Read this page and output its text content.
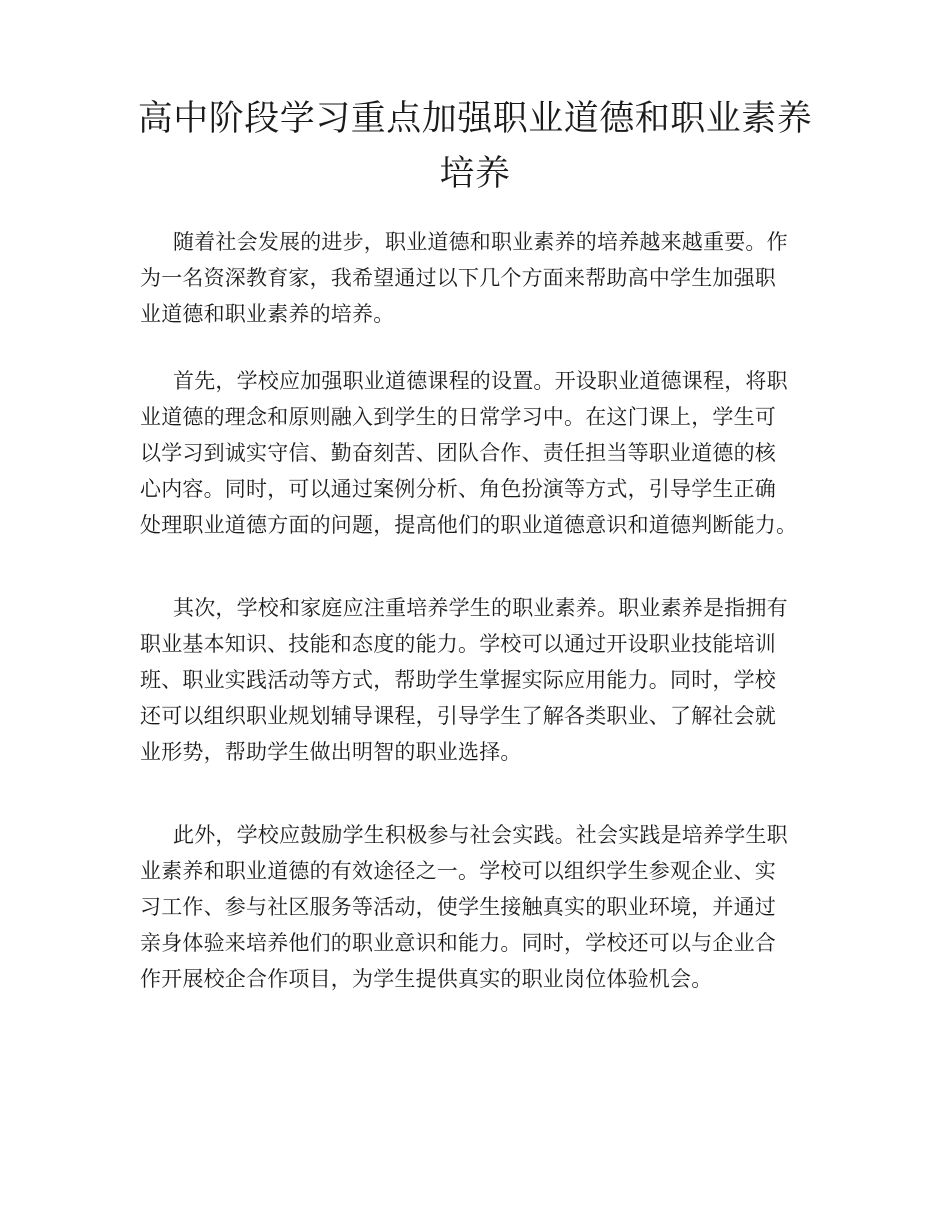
高中阶段学习重点加强职业道德和职业素养
培养
随着社会发展的进步，职业道德和职业素养的培养越来越重要。作
为一名资深教育家，我希望通过以下几个方面来帮助高中学生加强职
业道德和职业素养的培养。
首先，学校应加强职业道德课程的设置。开设职业道德课程，将职
业道德的理念和原则融入到学生的日常学习中。在这门课上，学生可
以学习到诚实守信、勤奋刻苦、团队合作、责任担当等职业道德的核
心内容。同时，可以通过案例分析、角色扮演等方式，引导学生正确
处理职业道德方面的问题，提高他们的职业道德意识和道德判断能力。
其次，学校和家庭应注重培养学生的职业素养。职业素养是指拥有
职业基本知识、技能和态度的能力。学校可以通过开设职业技能培训
班、职业实践活动等方式，帮助学生掌握实际应用能力。同时，学校
还可以组织职业规划辅导课程，引导学生了解各类职业、了解社会就
业形势，帮助学生做出明智的职业选择。
此外，学校应鼓励学生积极参与社会实践。社会实践是培养学生职
业素养和职业道德的有效途径之一。学校可以组织学生参观企业、实
习工作、参与社区服务等活动，使学生接触真实的职业环境，并通过
亲身体验来培养他们的职业意识和能力。同时，学校还可以与企业合
作开展校企合作项目，为学生提供真实的职业岗位体验机会。
